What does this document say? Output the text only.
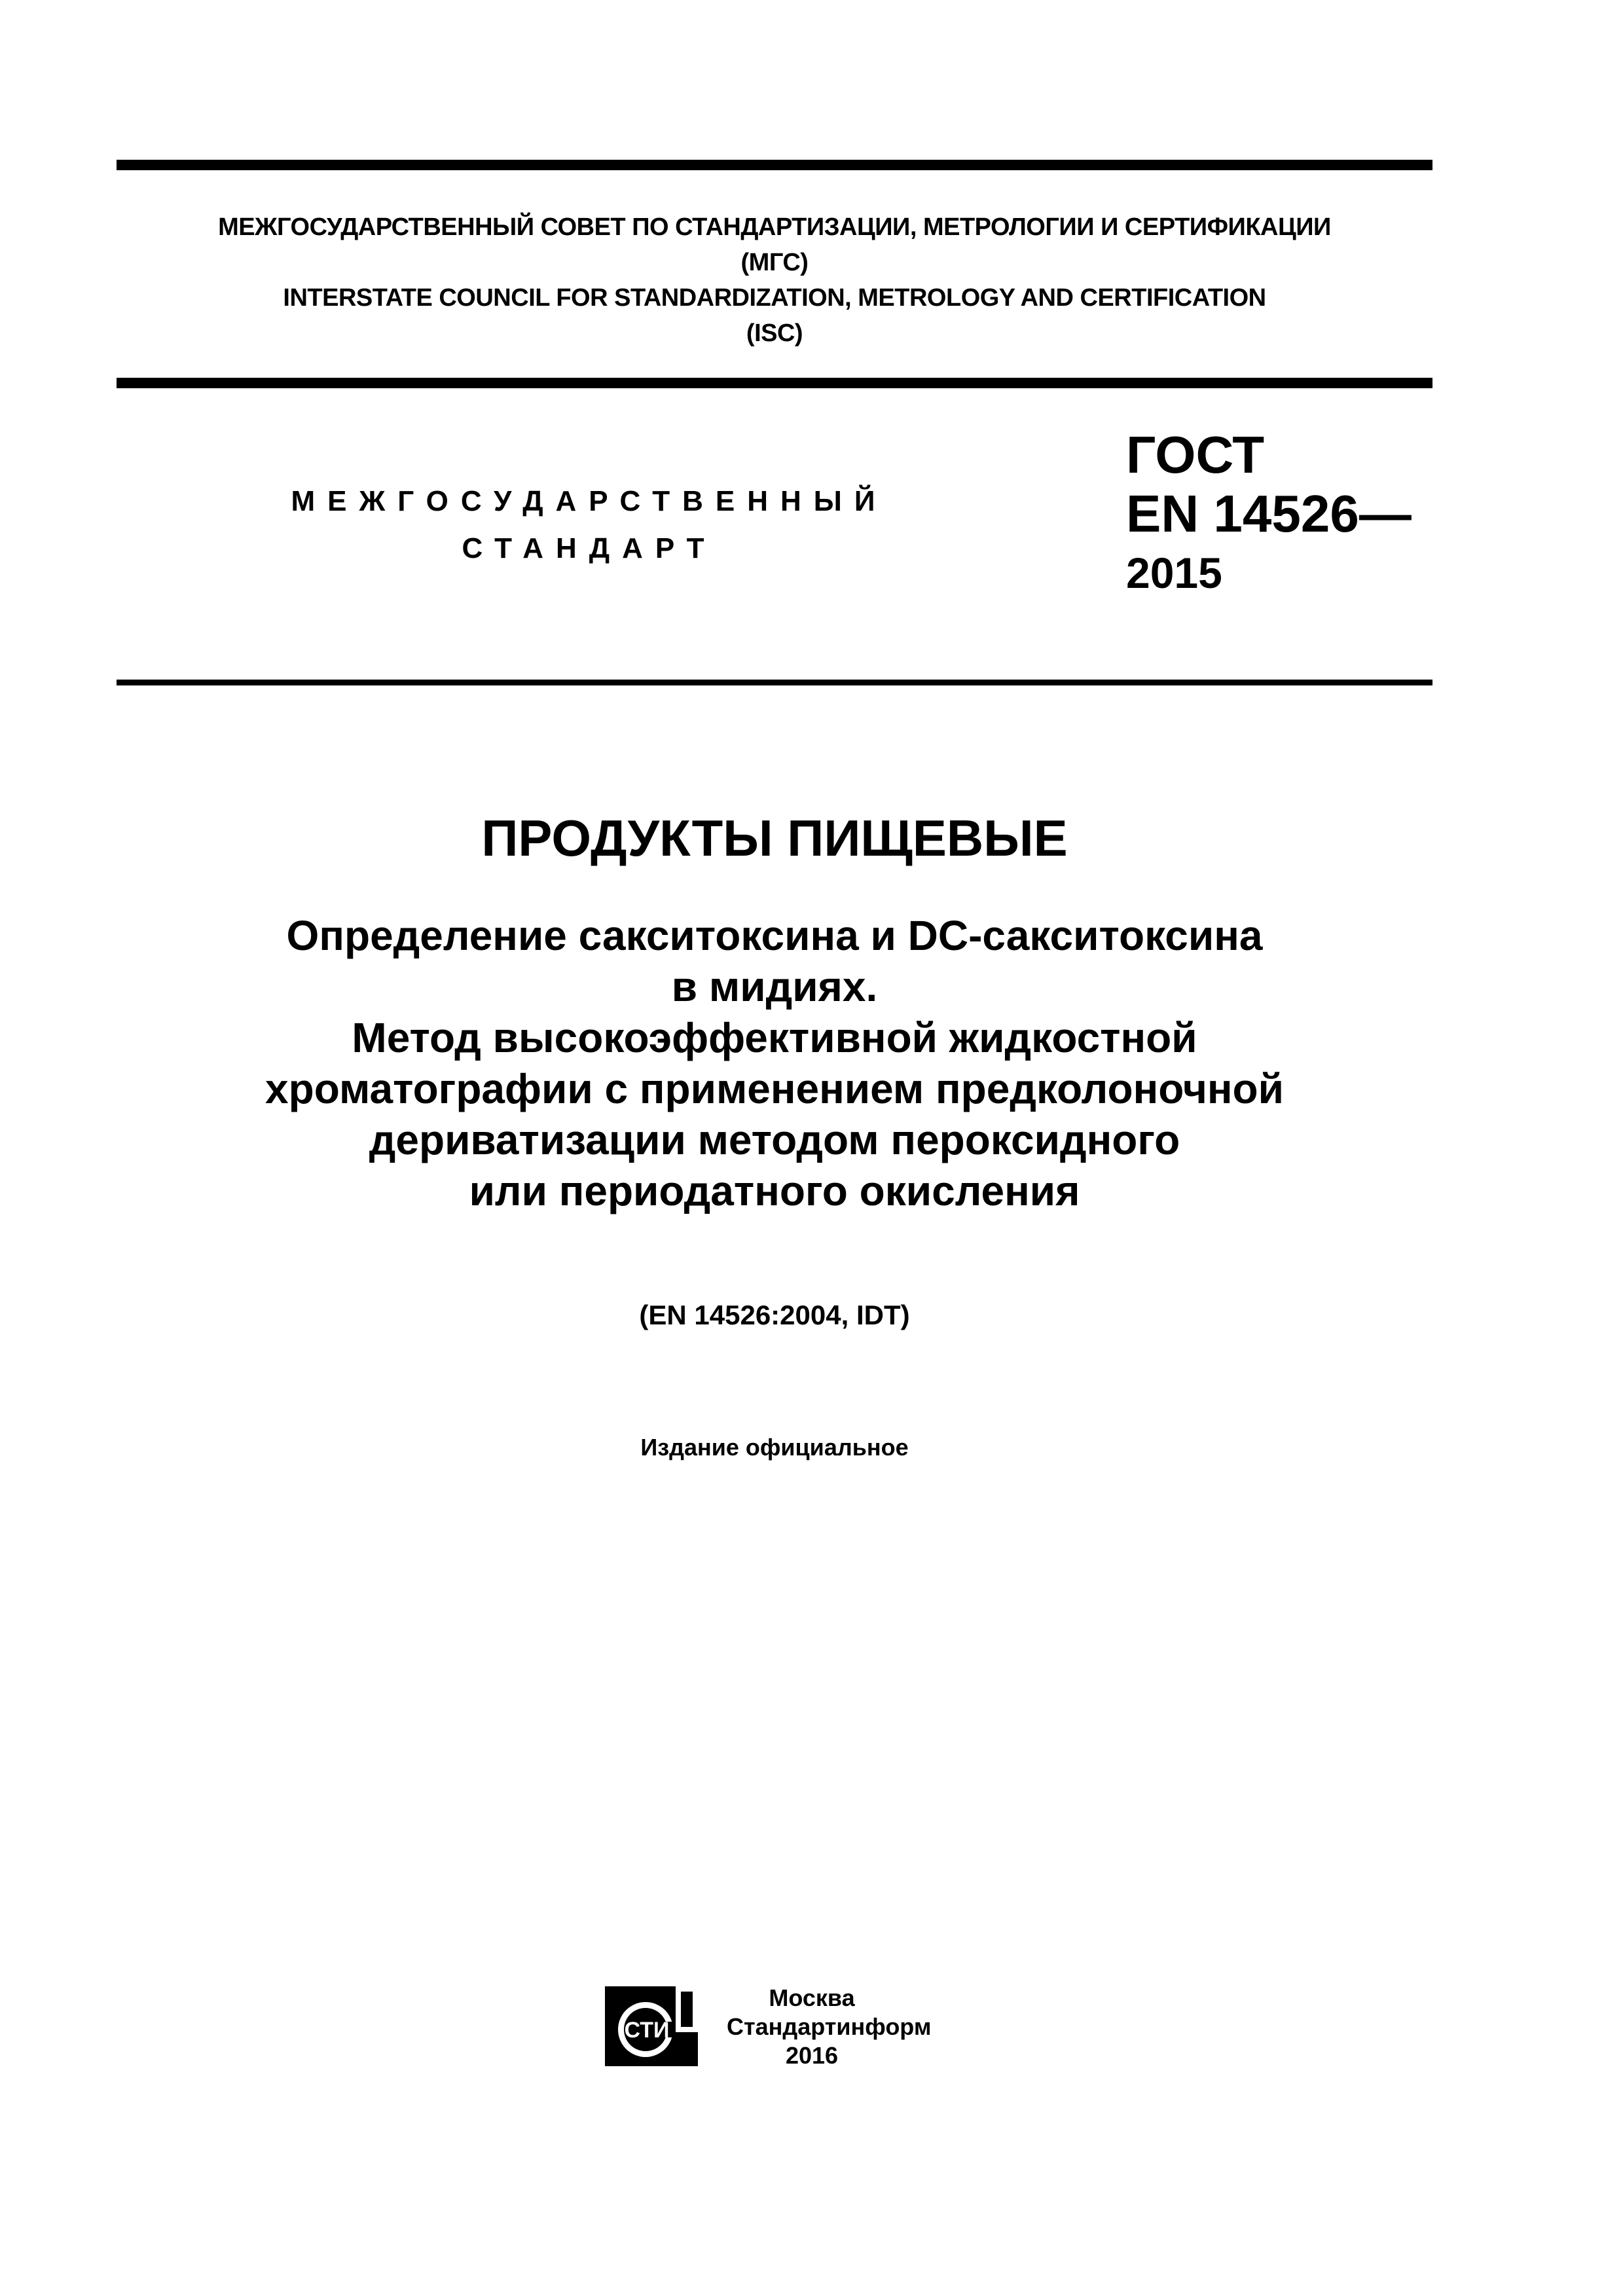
МЕЖГОСУДАРСТВЕННЫЙ СОВЕТ ПО СТАНДАРТИЗАЦИИ, МЕТРОЛОГИИ И СЕРТИФИКАЦИИ
(МГС)
INTERSTATE COUNCIL FOR STANDARDIZATION, METROLOGY AND CERTIFICATION
(ISC)
МЕЖГОСУДАРСТВЕННЫЙ
СТАНДАРТ
ГОСТ
EN 14526—
2015
ПРОДУКТЫ ПИЩЕВЫЕ
Определение сакситоксина и DC-сакситоксина
в мидиях.
Метод высокоэффективной жидкостной
хроматографии с применением предколоночной
дериватизации методом пероксидного
или периодатного окисления
(EN 14526:2004, IDT)
Издание официальное
СТИ
Москва
Стандартинформ
2016
